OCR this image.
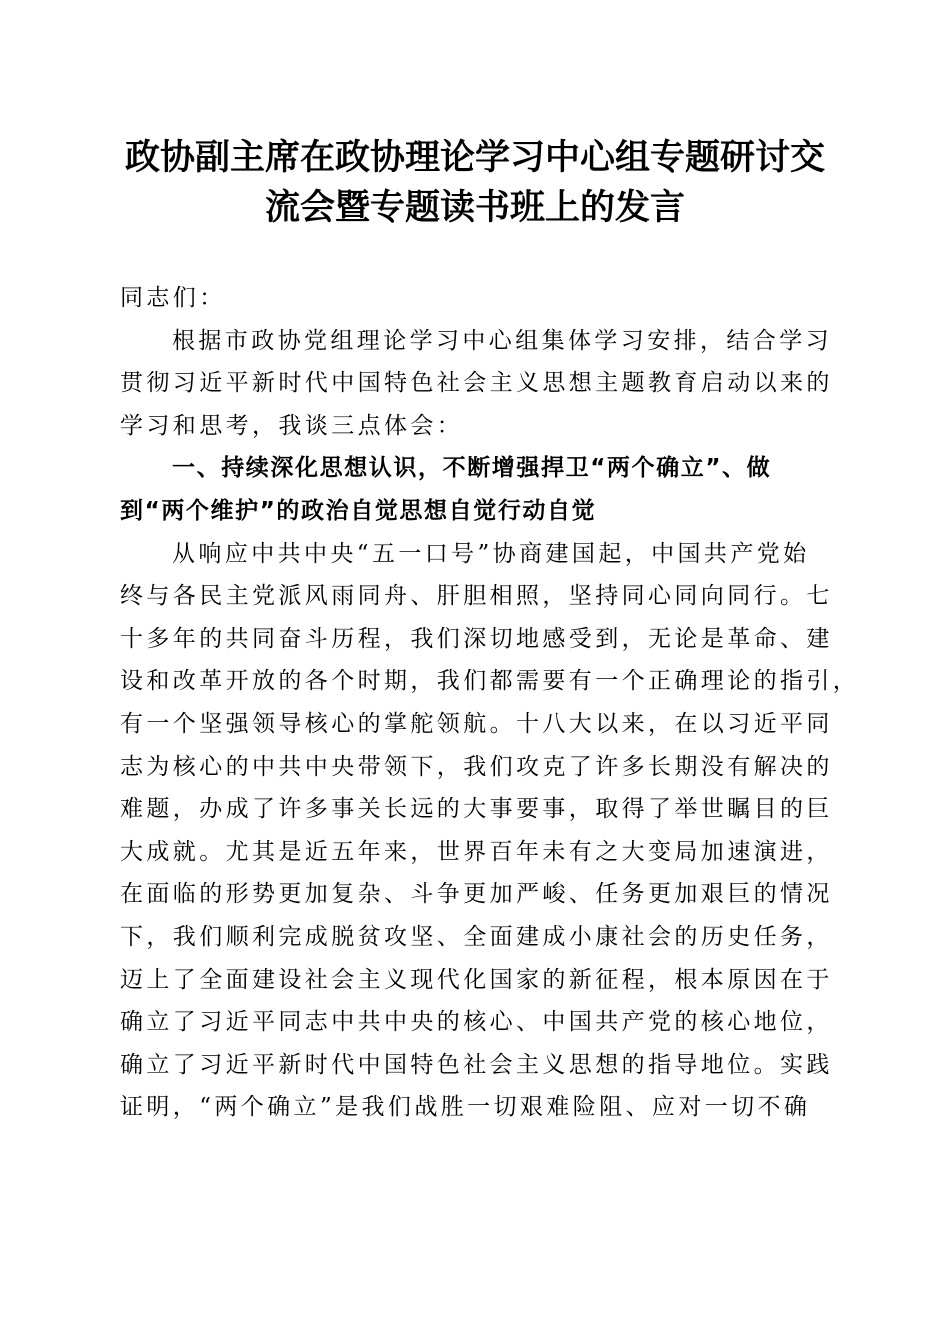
政协副主席在政协理论学习中心组专题研讨交
流会暨专题读书班上的发言
同志们：
根据市政协党组理论学习中心组集体学习安排，结合学习
贯彻习近平新时代中国特色社会主义思想主题教育启动以来的
学习和思考，我谈三点体会：
一、持续深化思想认识，不断增强捍卫“两个确立”、做
到“两个维护”的政治自觉思想自觉行动自觉
从响应中共中央“五一口号”协商建国起，中国共产党始
终与各民主党派风雨同舟、肝胆相照，坚持同心同向同行。七
十多年的共同奋斗历程，我们深切地感受到，无论是革命、建
设和改革开放的各个时期，我们都需要有一个正确理论的指引，
有一个坚强领导核心的掌舵领航。十八大以来，在以习近平同
志为核心的中共中央带领下，我们攻克了许多长期没有解决的
难题，办成了许多事关长远的大事要事，取得了举世瞩目的巨
大成就。尤其是近五年来，世界百年未有之大变局加速演进，
在面临的形势更加复杂、斗争更加严峻、任务更加艰巨的情况
下，我们顺利完成脱贫攻坚、全面建成小康社会的历史任务，
迈上了全面建设社会主义现代化国家的新征程，根本原因在于
确立了习近平同志中共中央的核心、中国共产党的核心地位，
确立了习近平新时代中国特色社会主义思想的指导地位。实践
证明，“两个确立”是我们战胜一切艰难险阻、应对一切不确
